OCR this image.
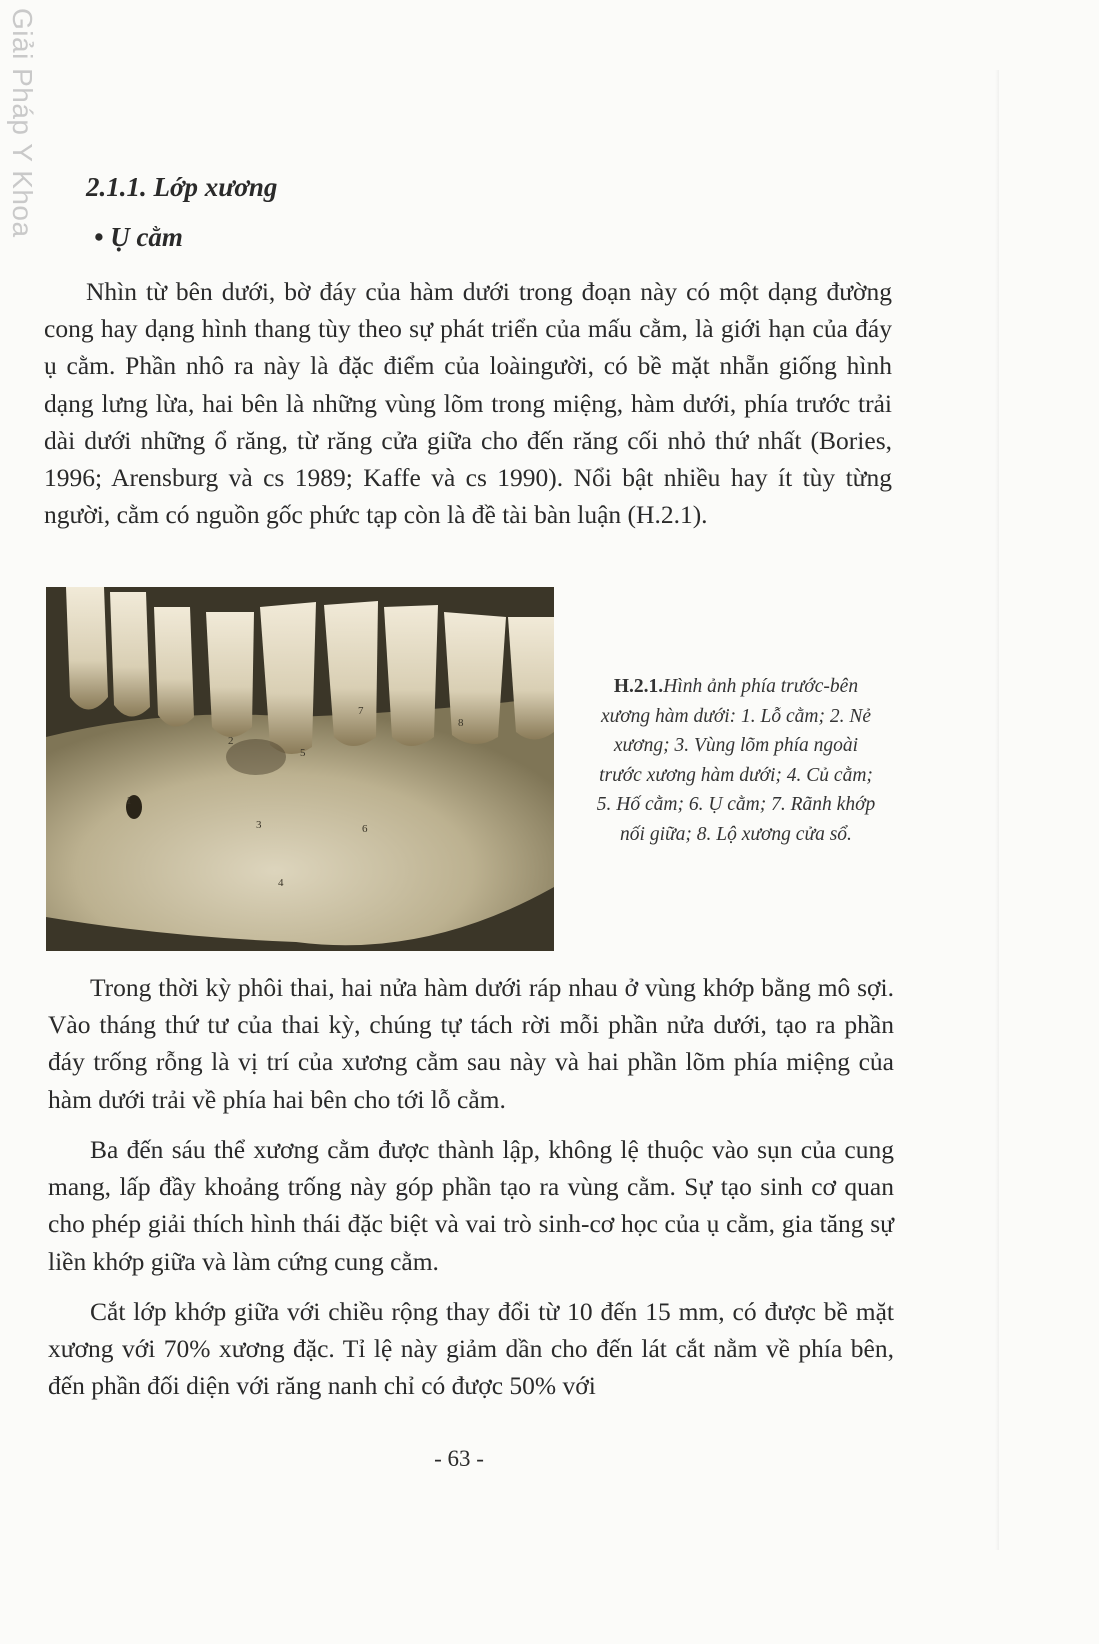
Giải Pháp Y Khoa 2.1.1. Lớp xương
• Ụ cằm

Nhìn từ bên dưới, bờ đáy của hàm dưới trong đoạn này có một dạng đường cong hay dạng hình thang tùy theo sự phát triển của mấu cằm, là giới hạn của đáy ụ cằm. Phần nhô ra này là đặc điểm của loàingười, có bề mặt nhẵn giống hình dạng lưng lừa, hai bên là những vùng lõm trong miệng, hàm dưới, phía trước trải dài dưới những ổ răng, từ răng cửa giữa cho đến răng cối nhỏ thứ nhất (Bories, 1996; Arensburg và cs 1989; Kaffe và cs 1990). Nổi bật nhiều hay ít tùy từng người, cằm có nguồn gốc phức tạp còn là đề tài bàn luận (H.2.1).

1
2
3
4
5
6
7
8

H.2.1.Hình ảnh phía trước-bên xương hàm dưới: 1. Lỗ cằm; 2. Nẻ xương; 3. Vùng lõm phía ngoài trước xương hàm dưới; 4. Củ cằm; 5. Hố cằm; 6. Ụ cằm; 7. Rãnh khớp nối giữa; 8. Lộ xương cửa sổ.

Trong thời kỳ phôi thai, hai nửa hàm dưới ráp nhau ở vùng khớp bằng mô sợi. Vào tháng thứ tư của thai kỳ, chúng tự tách rời mỗi phần nửa dưới, tạo ra phần đáy trống rỗng là vị trí của xương cằm sau này và hai phần lõm phía miệng của hàm dưới trải về phía hai bên cho tới lỗ cằm.

Ba đến sáu thể xương cằm được thành lập, không lệ thuộc vào sụn của cung mang, lấp đầy khoảng trống này góp phần tạo ra vùng cằm. Sự tạo sinh cơ quan cho phép giải thích hình thái đặc biệt và vai trò sinh-cơ học của ụ cằm, gia tăng sự liền khớp giữa và làm cứng cung cằm.

Cắt lớp khớp giữa với chiều rộng thay đổi từ 10 đến 15 mm, có được bề mặt xương với 70% xương đặc. Tỉ lệ này giảm dần cho đến lát cắt nằm về phía bên, đến phần đối diện với răng nanh chỉ có được 50% với

- 63 -
